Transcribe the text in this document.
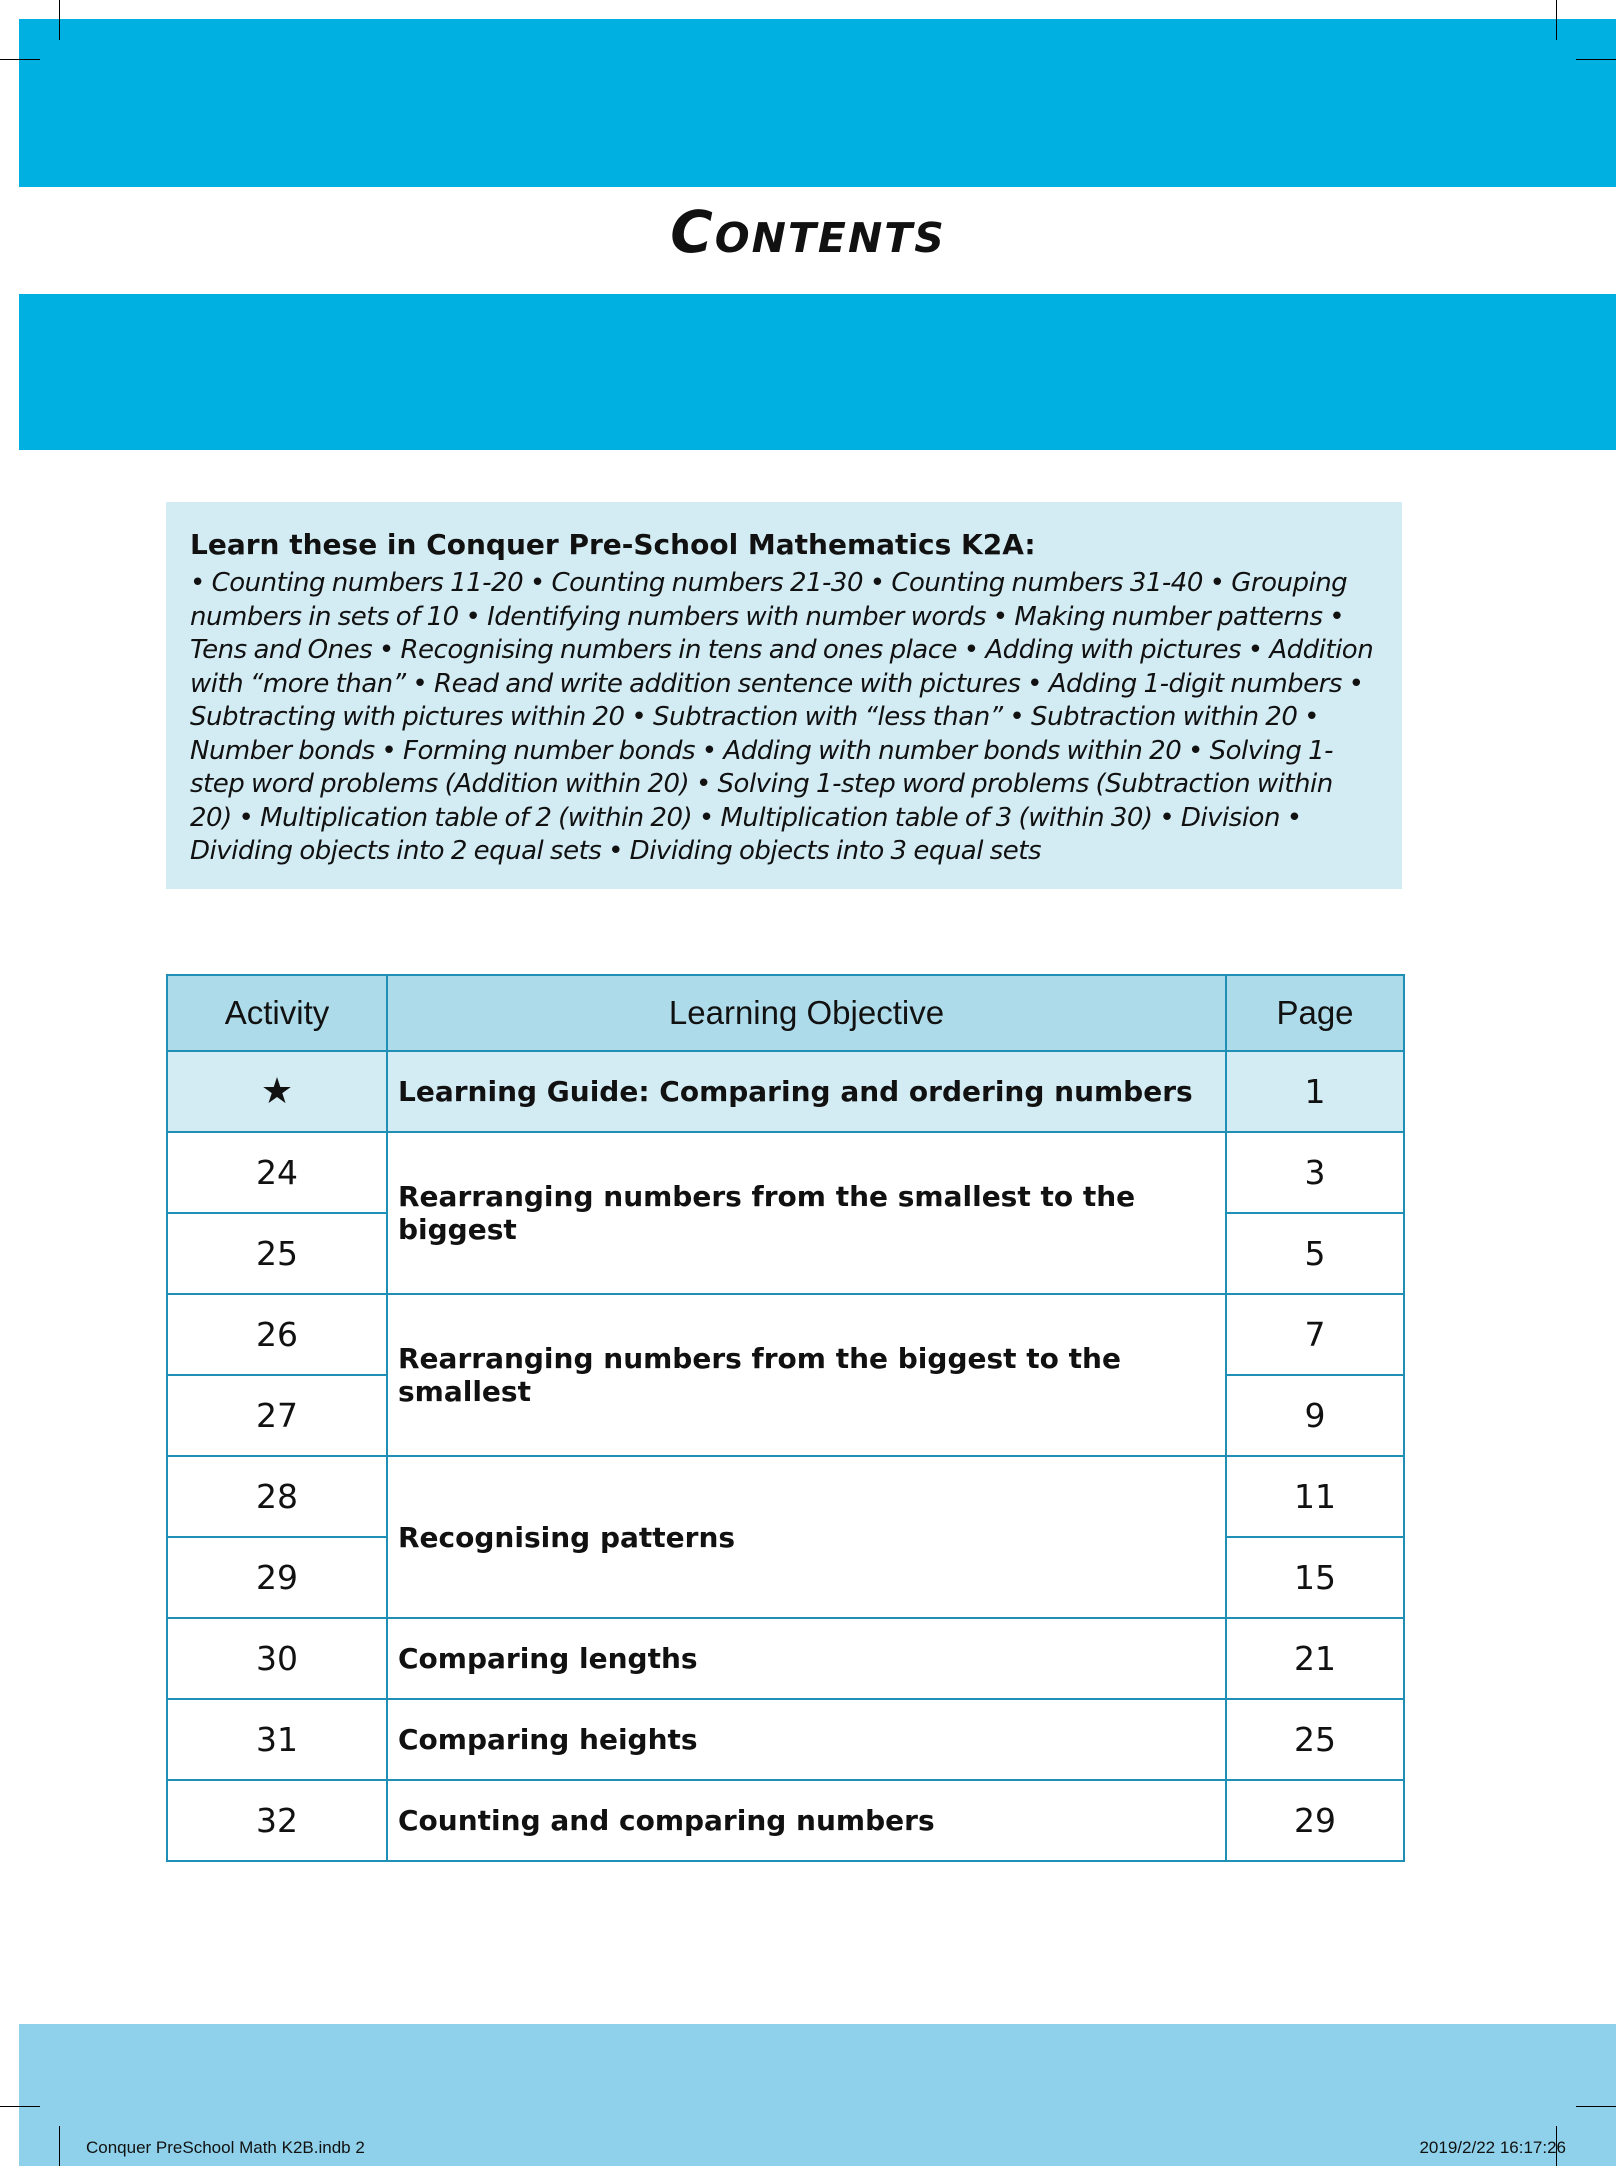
Contents
Learn these in Conquer Pre-School Mathematics K2A:
• Counting numbers 11-20 • Counting numbers 21-30 • Counting numbers 31-40 • Grouping numbers in sets of 10 • Identifying numbers with number words • Making number patterns • Tens and Ones • Recognising numbers in tens and ones place • Adding with pictures • Addition with “more than” • Read and write addition sentence with pictures • Adding 1-digit numbers • Subtracting with pictures within 20 • Subtraction with “less than” • Subtraction within 20 • Number bonds • Forming number bonds • Adding with number bonds within 20 • Solving 1-step word problems (Addition within 20) • Solving 1-step word problems (Subtraction within 20) • Multiplication table of 2 (within 20) • Multiplication table of 3 (within 30) • Division • Dividing objects into 2 equal sets • Dividing objects into 3 equal sets
Activity	Learning Objective	Page
★	Learning Guide: Comparing and ordering numbers	1
24	Rearranging numbers from the smallest to the biggest	3
25		5
26	Rearranging numbers from the biggest to the smallest	7
27		9
28	Recognising patterns	11
29		15
30	Comparing lengths	21
31	Comparing heights	25
32	Counting and comparing numbers	29
Conquer PreSchool Math K2B.indb 2	2019/2/22 16:17:26
